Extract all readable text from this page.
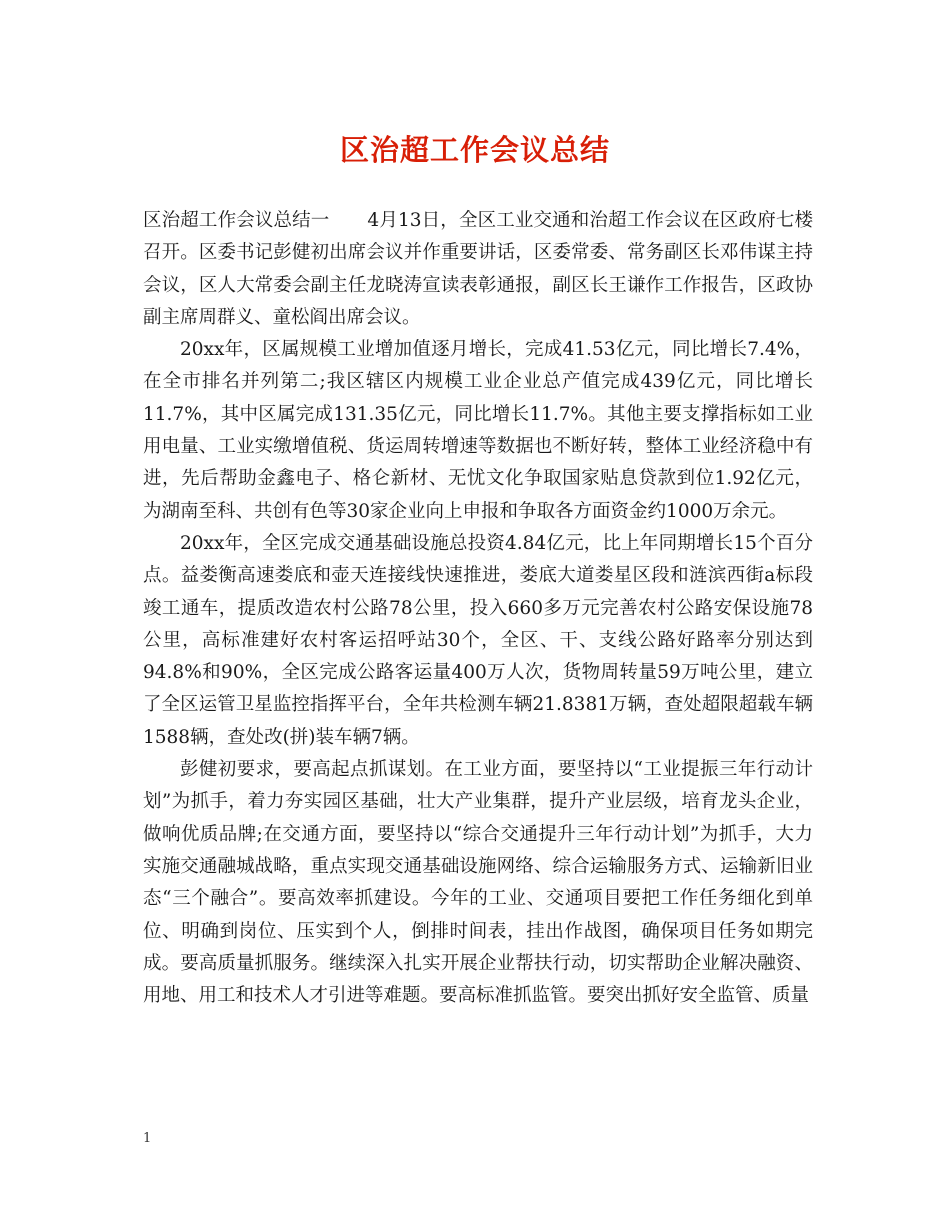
区治超工作会议总结

区治超工作会议总结一 4月13日，全区工业交通和治超工作会议在区政府七楼召开。区委书记彭健初出席会议并作重要讲话，区委常委、常务副区长邓伟谋主持会议，区人大常委会副主任龙晓涛宣读表彰通报，副区长王谦作工作报告，区政协副主席周群义、童松阎出席会议。

20xx年，区属规模工业增加值逐月增长，完成41.53亿元，同比增长7.4%，在全市排名并列第二;我区辖区内规模工业企业总产值完成439亿元，同比增长11.7%，其中区属完成131.35亿元，同比增长11.7%。其他主要支撑指标如工业用电量、工业实缴增值税、货运周转增速等数据也不断好转，整体工业经济稳中有进，先后帮助金鑫电子、格仑新材、无忧文化争取国家贴息贷款到位1.92亿元，为湖南至科、共创有色等30家企业向上申报和争取各方面资金约1000万余元。

20xx年，全区完成交通基础设施总投资4.84亿元，比上年同期增长15个百分点。益娄衡高速娄底和壶天连接线快速推进，娄底大道娄星区段和涟滨西街a标段竣工通车，提质改造农村公路78公里，投入660多万元完善农村公路安保设施78公里，高标准建好农村客运招呼站30个，全区、干、支线公路好路率分别达到94.8%和90%，全区完成公路客运量400万人次，货物周转量59万吨公里，建立了全区运管卫星监控指挥平台，全年共检测车辆21.8381万辆，查处超限超载车辆1588辆，查处改(拼)装车辆7辆。

彭健初要求，要高起点抓谋划。在工业方面，要坚持以“工业提振三年行动计划”为抓手，着力夯实园区基础，壮大产业集群，提升产业层级，培育龙头企业，做响优质品牌;在交通方面，要坚持以“综合交通提升三年行动计划”为抓手，大力实施交通融城战略，重点实现交通基础设施网络、综合运输服务方式、运输新旧业态“三个融合”。要高效率抓建设。今年的工业、交通项目要把工作任务细化到单位、明确到岗位、压实到个人，倒排时间表，挂出作战图，确保项目任务如期完成。要高质量抓服务。继续深入扎实开展企业帮扶行动，切实帮助企业解决融资、用地、用工和技术人才引进等难题。要高标准抓监管。要突出抓好安全监管、质量

1
